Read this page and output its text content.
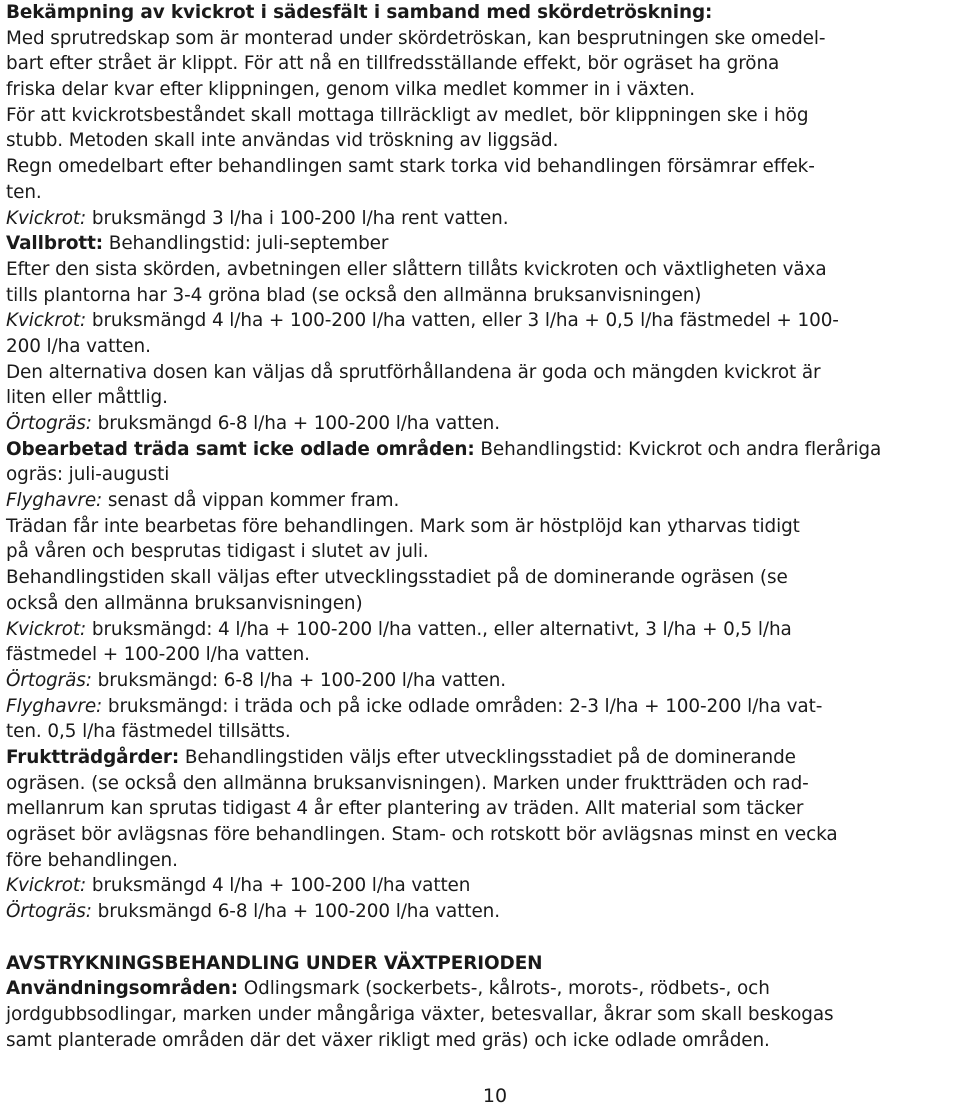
Bekämpning av kvickrot i sädesfält i samband med skördetröskning:
Med sprutredskap som är monterad under skördetröskan, kan besprutningen ske omedel-
bart efter strået är klippt. För att nå en tillfredsställande effekt, bör ogräset ha gröna
friska delar kvar efter klippningen, genom vilka medlet kommer in i växten.
För att kvickrotsbeståndet skall mottaga tillräckligt av medlet, bör klippningen ske i hög
stubb. Metoden skall inte användas vid tröskning av liggsäd.
Regn omedelbart efter behandlingen samt stark torka vid behandlingen försämrar effek-
ten.
Kvickrot: bruksmängd 3 l/ha i 100-200 l/ha rent vatten.
Vallbrott: Behandlingstid: juli-september
Efter den sista skörden, avbetningen eller slåttern tillåts kvickroten och växtligheten växa
tills plantorna har 3-4 gröna blad (se också den allmänna bruksanvisningen)
Kvickrot: bruksmängd 4 l/ha + 100-200 l/ha vatten, eller 3 l/ha + 0,5 l/ha fästmedel + 100-
200 l/ha vatten.
Den alternativa dosen kan väljas då sprutförhållandena är goda och mängden kvickrot är
liten eller måttlig.
Örtogräs: bruksmängd 6-8 l/ha + 100-200 l/ha vatten.
Obearbetad träda samt icke odlade områden: Behandlingstid: Kvickrot och andra fleråriga
ogräs: juli-augusti
Flyghavre: senast då vippan kommer fram.
Trädan får inte bearbetas före behandlingen. Mark som är höstplöjd kan ytharvas tidigt
på våren och besprutas tidigast i slutet av juli.
Behandlingstiden skall väljas efter utvecklingsstadiet på de dominerande ogräsen (se
också den allmänna bruksanvisningen)
Kvickrot: bruksmängd: 4 l/ha + 100-200 l/ha vatten., eller alternativt, 3 l/ha + 0,5 l/ha
fästmedel + 100-200 l/ha vatten.
Örtogräs: bruksmängd: 6-8 l/ha + 100-200 l/ha vatten.
Flyghavre: bruksmängd: i träda och på icke odlade områden: 2-3 l/ha + 100-200 l/ha vat-
ten. 0,5 l/ha fästmedel tillsätts.
Fruktträdgårder: Behandlingstiden väljs efter utvecklingsstadiet på de dominerande
ogräsen. (se också den allmänna bruksanvisningen). Marken under fruktträden och rad-
mellanrum kan sprutas tidigast 4 år efter plantering av träden. Allt material som täcker
ogräset bör avlägsnas före behandlingen. Stam- och rotskott bör avlägsnas minst en vecka
före behandlingen.
Kvickrot: bruksmängd 4 l/ha + 100-200 l/ha vatten
Örtogräs: bruksmängd 6-8 l/ha + 100-200 l/ha vatten.
AVSTRYKNINGSBEHANDLING UNDER VÄXTPERIODEN
Användningsområden: Odlingsmark (sockerbets-, kålrots-, morots-, rödbets-, och
jordgubbsodlingar, marken under mångåriga växter, betesvallar, åkrar som skall beskogas
samt planterade områden där det växer rikligt med gräs) och icke odlade områden.
10
